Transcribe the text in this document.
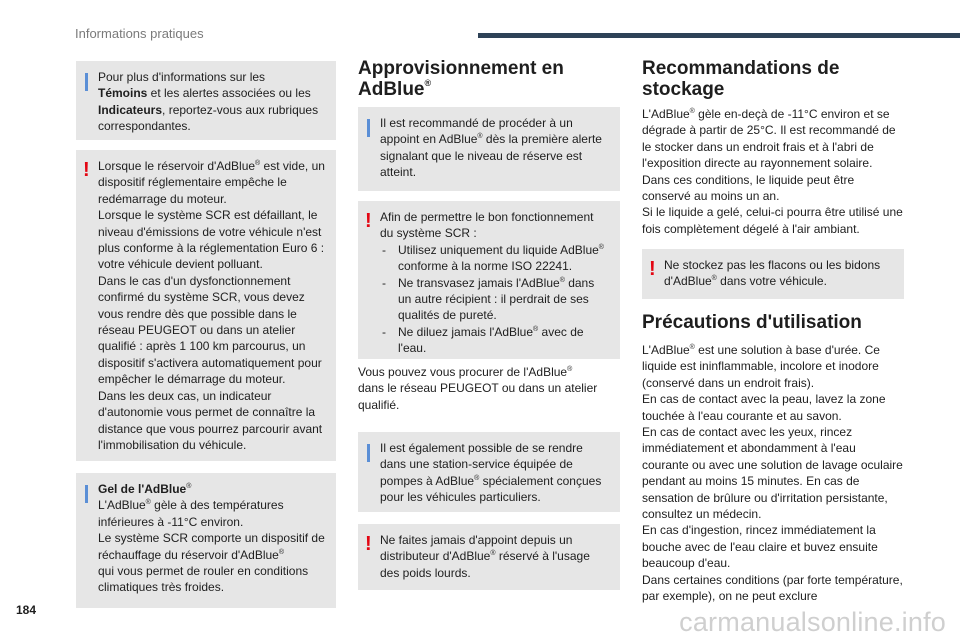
Informations pratiques

Pour plus d'informations sur les
Témoins et les alertes associées ou les
Indicateurs, reportez-vous aux rubriques correspondantes.

! Lorsque le réservoir d'AdBlue® est vide, un dispositif réglementaire empêche le redémarrage du moteur.

Lorsque le système SCR est défaillant, le niveau d'émissions de votre véhicule n'est plus conforme à la réglementation Euro 6 : votre véhicule devient polluant.

Dans le cas d'un dysfonctionnement confirmé du système SCR, vous devez vous rendre dès que possible dans le réseau PEUGEOT ou dans un atelier qualifié : après 1 100 km parcourus, un dispositif s'activera automatiquement pour empêcher le démarrage du moteur.

Dans les deux cas, un indicateur d'autonomie vous permet de connaître la distance que vous pourrez parcourir avant l'immobilisation du véhicule.

Gel de l'AdBlue®

L'AdBlue® gèle à des températures inférieures à -11°C environ.

Le système SCR comporte un dispositif de réchauffage du réservoir d'AdBlue®
qui vous permet de rouler en conditions climatiques très froides.

Approvisionnement en
AdBlue®

Il est recommandé de procéder à un appoint en AdBlue® dès la première alerte signalant que le niveau de réserve est atteint.

! Afin de permettre le bon fonctionnement du système SCR :

- Utilisez uniquement du liquide AdBlue®
conforme à la norme ISO 22241.
- Ne transvasez jamais l'AdBlue® dans un autre récipient : il perdrait de ses qualités de pureté.
- Ne diluez jamais l'AdBlue® avec de l'eau.
Vous pouvez vous procurer de l'AdBlue®
dans le réseau PEUGEOT ou dans un atelier qualifié.

Il est également possible de se rendre dans une station-service équipée de pompes à AdBlue® spécialement conçues pour les véhicules particuliers.

! Ne faites jamais d'appoint depuis un distributeur d'AdBlue® réservé à l'usage des poids lourds.

Recommandations de
stockage

L'AdBlue® gèle en-deçà de -11°C environ et se dégrade à partir de 25°C. Il est recommandé de le stocker dans un endroit frais et à l'abri de l'exposition directe au rayonnement solaire.

Dans ces conditions, le liquide peut être conservé au moins un an.

Si le liquide a gelé, celui-ci pourra être utilisé une fois complètement dégelé à l'air ambiant.

! Ne stockez pas les flacons ou les bidons d'AdBlue® dans votre véhicule.

Précautions d'utilisation

L'AdBlue® est une solution à base d'urée. Ce liquide est ininflammable, incolore et inodore (conservé dans un endroit frais).

En cas de contact avec la peau, lavez la zone touchée à l'eau courante et au savon.

En cas de contact avec les yeux, rincez immédiatement et abondamment à l'eau courante ou avec une solution de lavage oculaire pendant au moins 15 minutes. En cas de sensation de brûlure ou d'irritation persistante, consultez un médecin.

En cas d'ingestion, rincez immédiatement la bouche avec de l'eau claire et buvez ensuite beaucoup d'eau.

Dans certaines conditions (par forte température, par exemple), on ne peut exclure

184	carmanualsonline.info
